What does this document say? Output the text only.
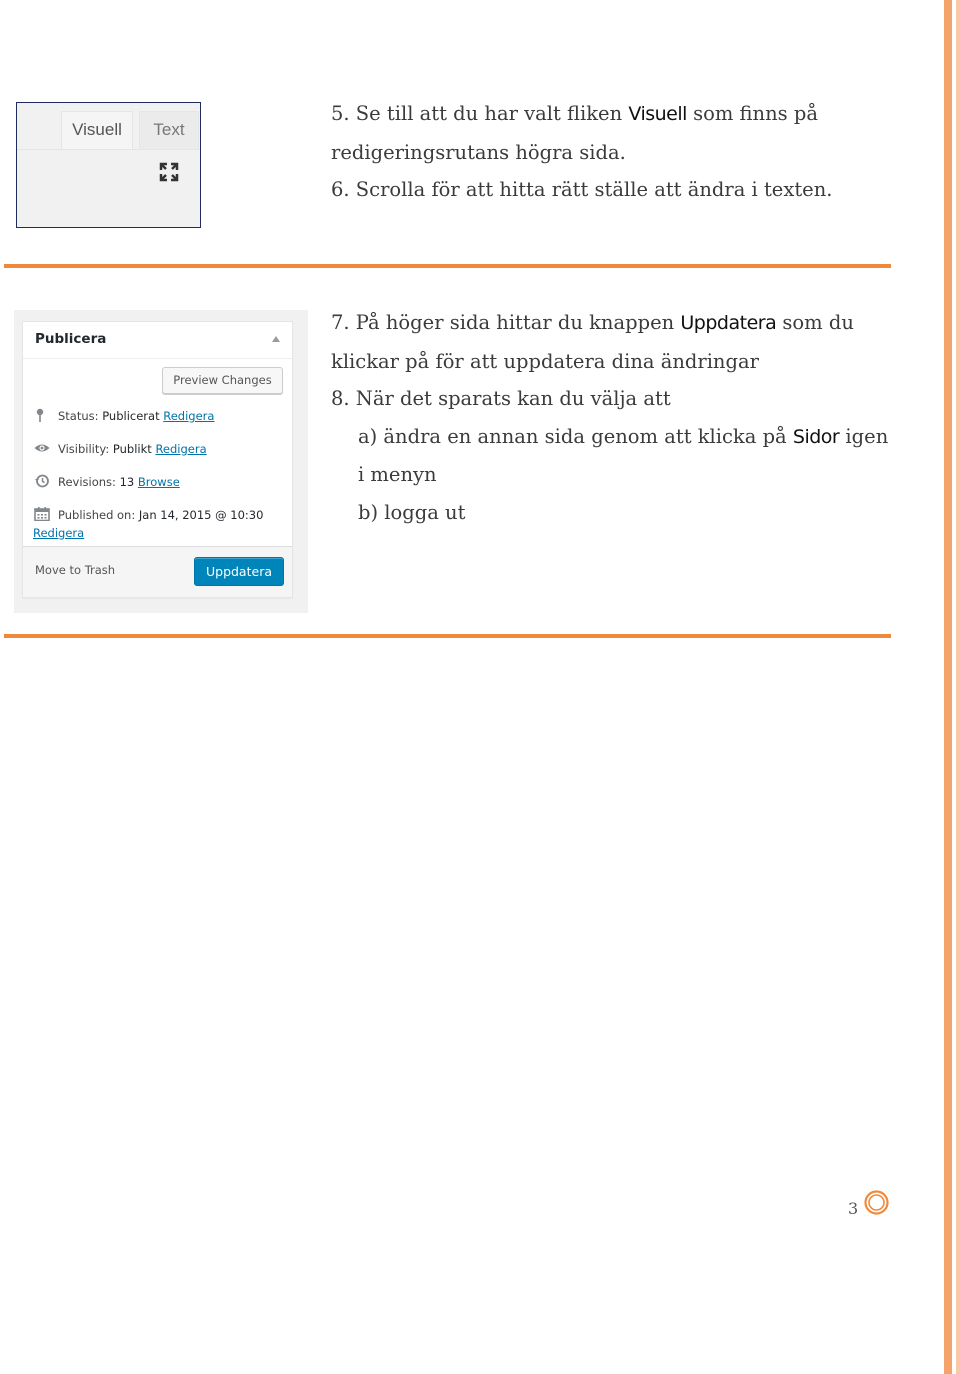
Visuell	Text

5. Se till att du har valt fliken Visuell som finns på

redigeringsrutans högra sida.

6. Scrolla för att hitta rätt ställe att ändra i texten.

Publicera
Preview Changes
Status: Publicerat Redigera
Visibility: Publikt Redigera
Revisions: 13 Browse
Published on: Jan 14, 2015 @ 10:30
Redigera
Move to Trash	Uppdatera

7. På höger sida hittar du knappen Uppdatera som du

klickar på för att uppdatera dina ändringar

8. När det sparats kan du välja att

a) ändra en annan sida genom att klicka på Sidor igen

i menyn

b) logga ut

3
